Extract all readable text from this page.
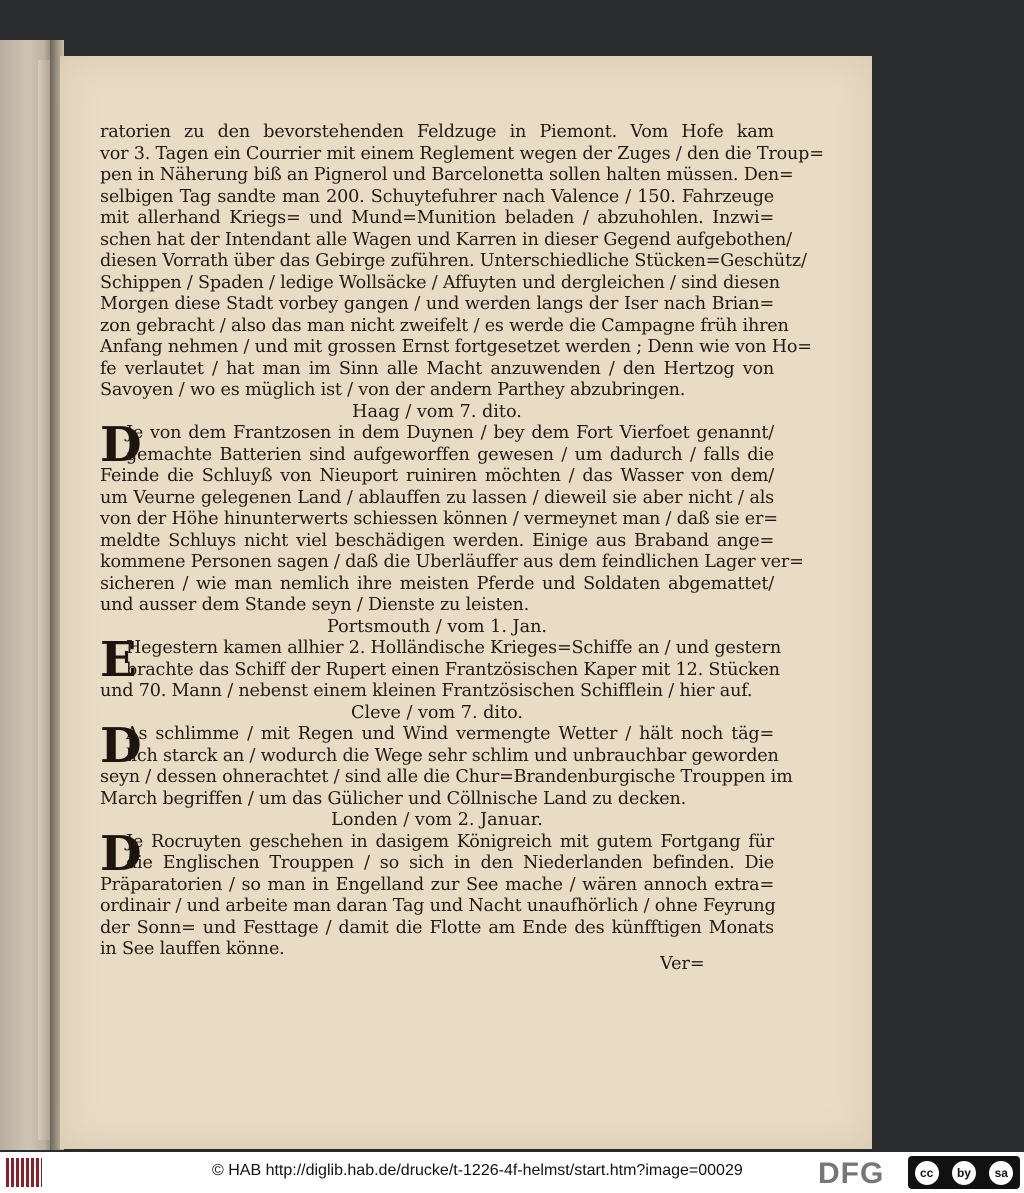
ratorien zu den bevorstehenden Feldzuge in Piemont. Vom Hofe kam
vor 3. Tagen ein Courrier mit einem Reglement wegen der Zuges / den die Troup=
pen in Näherung biß an Pignerol und Barcelonetta sollen halten müssen. Den=
selbigen Tag sandte man 200. Schuytefuhrer nach Valence / 150. Fahrzeuge
mit allerhand Kriegs= und Mund=Munition beladen / abzuhohlen. Inzwi=
schen hat der Intendant alle Wagen und Karren in dieser Gegend aufgebothen/
diesen Vorrath über das Gebirge zuführen. Unterschiedliche Stücken=Geschütz/
Schippen / Spaden / ledige Wollsäcke / Affuyten und dergleichen / sind diesen
Morgen diese Stadt vorbey gangen / und werden langs der Iser nach Brian=
zon gebracht / also das man nicht zweifelt / es werde die Campagne früh ihren
Anfang nehmen / und mit grossen Ernst fortgesetzet werden ; Denn wie von Ho=
fe verlautet / hat man im Sinn alle Macht anzuwenden / den Hertzog von
Savoyen / wo es müglich ist / von der andern Parthey abzubringen.
Haag / vom 7. dito.
D
Je von dem Frantzosen in dem Duynen / bey dem Fort Vierfoet genannt/
gemachte Batterien sind aufgeworffen gewesen / um dadurch / falls die
Feinde die Schluyß von Nieuport ruiniren möchten / das Wasser von dem/
um Veurne gelegenen Land / ablauffen zu lassen / dieweil sie aber nicht / als
von der Höhe hinunterwerts schiessen können / vermeynet man / daß sie er=
meldte Schluys nicht viel beschädigen werden. Einige aus Braband ange=
kommene Personen sagen / daß die Uberläuffer aus dem feindlichen Lager ver=
sicheren / wie man nemlich ihre meisten Pferde und Soldaten abgemattet/
und ausser dem Stande seyn / Dienste zu leisten.
Portsmouth / vom 1. Jan.
E
Hegestern kamen allhier 2. Holländische Krieges=Schiffe an / und gestern
brachte das Schiff der Rupert einen Frantzösischen Kaper mit 12. Stücken
und 70. Mann / nebenst einem kleinen Frantzösischen Schifflein / hier auf.
Cleve / vom 7. dito.
D
As schlimme / mit Regen und Wind vermengte Wetter / hält noch täg=
lich starck an / wodurch die Wege sehr schlim und unbrauchbar geworden
seyn / dessen ohnerachtet / sind alle die Chur=Brandenburgische Trouppen im
March begriffen / um das Gülicher und Cöllnische Land zu decken.
Londen / vom 2. Januar.
D
Je Rocruyten geschehen in dasigem Königreich mit gutem Fortgang für
die Englischen Trouppen / so sich in den Niederlanden befinden. Die
Präparatorien / so man in Engelland zur See mache / wären annoch extra=
ordinair / und arbeite man daran Tag und Nacht unaufhörlich / ohne Feyrung
der Sonn= und Festtage / damit die Flotte am Ende des künfftigen Monats
in See lauffen könne.
Ver=
© HAB http://diglib.hab.de/drucke/t-1226-4f-helmst/start.htm?image=00029	DFG	cc	by	sa
